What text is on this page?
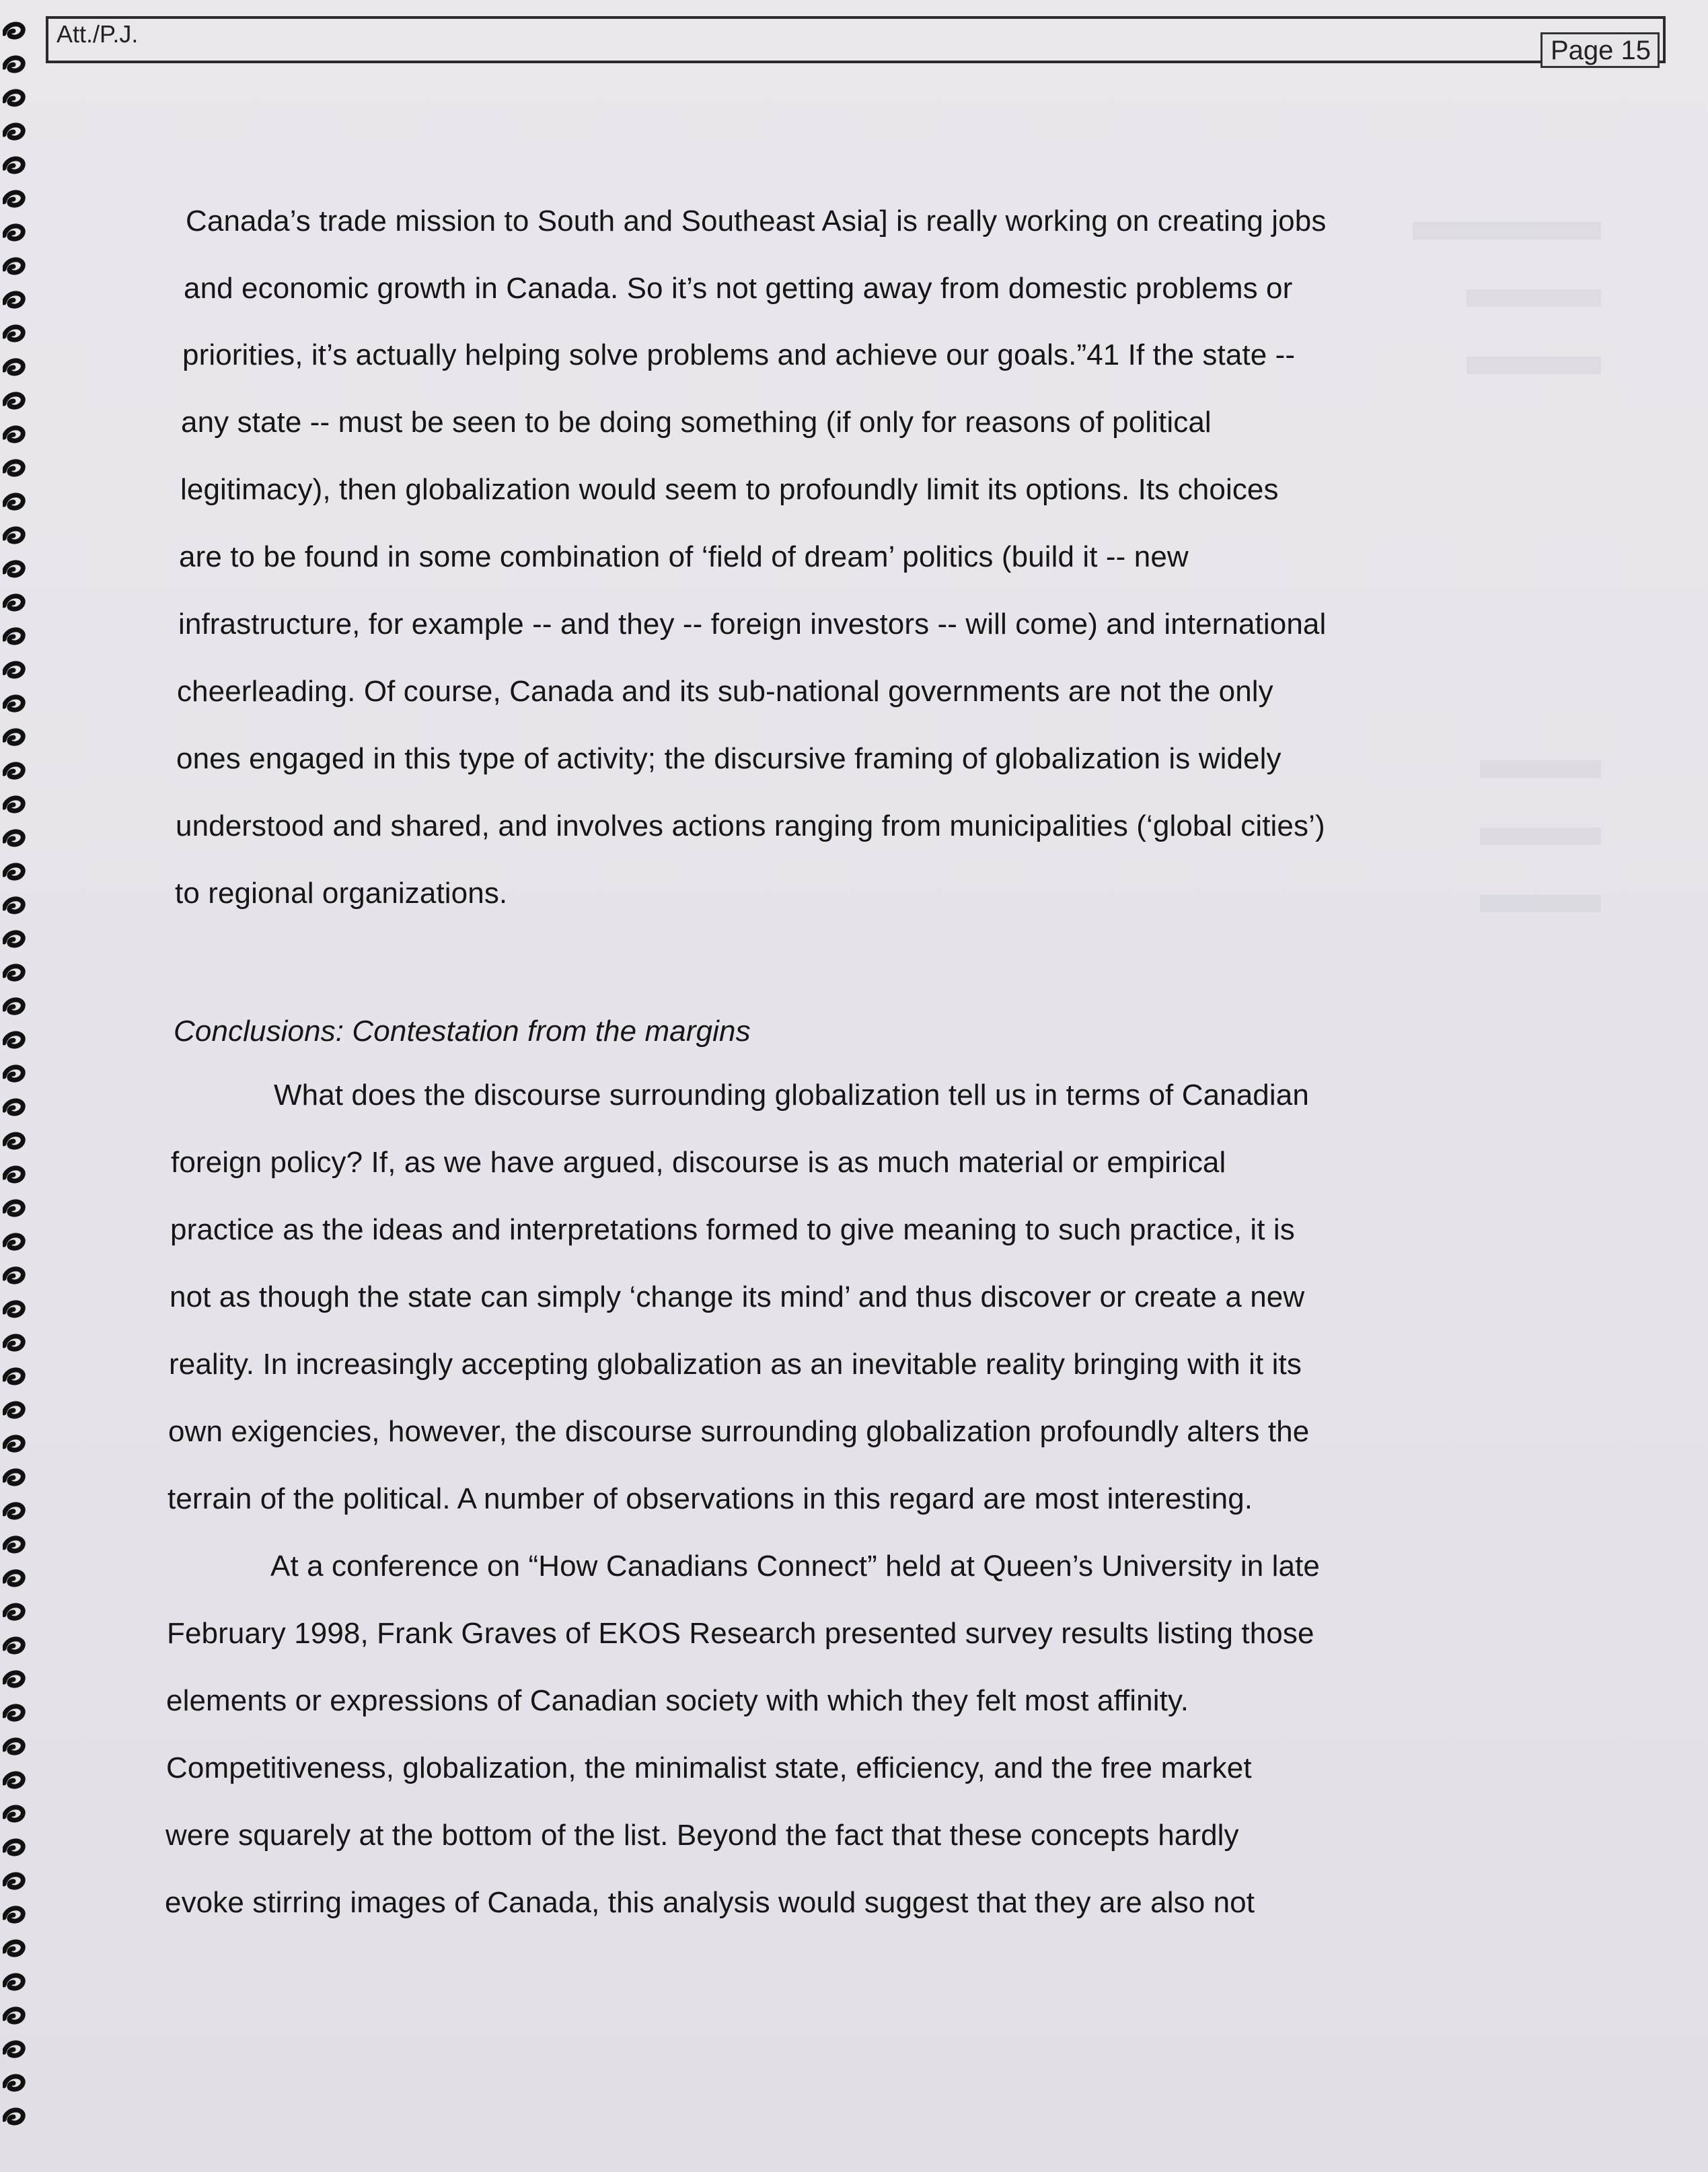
Att./P.J.
Page 15
Canada’s trade mission to South and Southeast Asia] is really working on creating jobs
and economic growth in Canada. So it’s not getting away from domestic problems or
priorities, it’s actually helping solve problems and achieve our goals.”41 If the state --
any state -- must be seen to be doing something (if only for reasons of political
legitimacy), then globalization would seem to profoundly limit its options. Its choices
are to be found in some combination of ‘field of dream’ politics (build it -- new
infrastructure, for example -- and they -- foreign investors -- will come) and international
cheerleading. Of course, Canada and its sub-national governments are not the only
ones engaged in this type of activity; the discursive framing of globalization is widely
understood and shared, and involves actions ranging from municipalities (‘global cities’)
to regional organizations.
Conclusions: Contestation from the margins
What does the discourse surrounding globalization tell us in terms of Canadian
foreign policy? If, as we have argued, discourse is as much material or empirical
practice as the ideas and interpretations formed to give meaning to such practice, it is
not as though the state can simply ‘change its mind’ and thus discover or create a new
reality. In increasingly accepting globalization as an inevitable reality bringing with it its
own exigencies, however, the discourse surrounding globalization profoundly alters the
terrain of the political. A number of observations in this regard are most interesting.
At a conference on “How Canadians Connect” held at Queen’s University in late
February 1998, Frank Graves of EKOS Research presented survey results listing those
elements or expressions of Canadian society with which they felt most affinity.
Competitiveness, globalization, the minimalist state, efficiency, and the free market
were squarely at the bottom of the list. Beyond the fact that these concepts hardly
evoke stirring images of Canada, this analysis would suggest that they are also not
